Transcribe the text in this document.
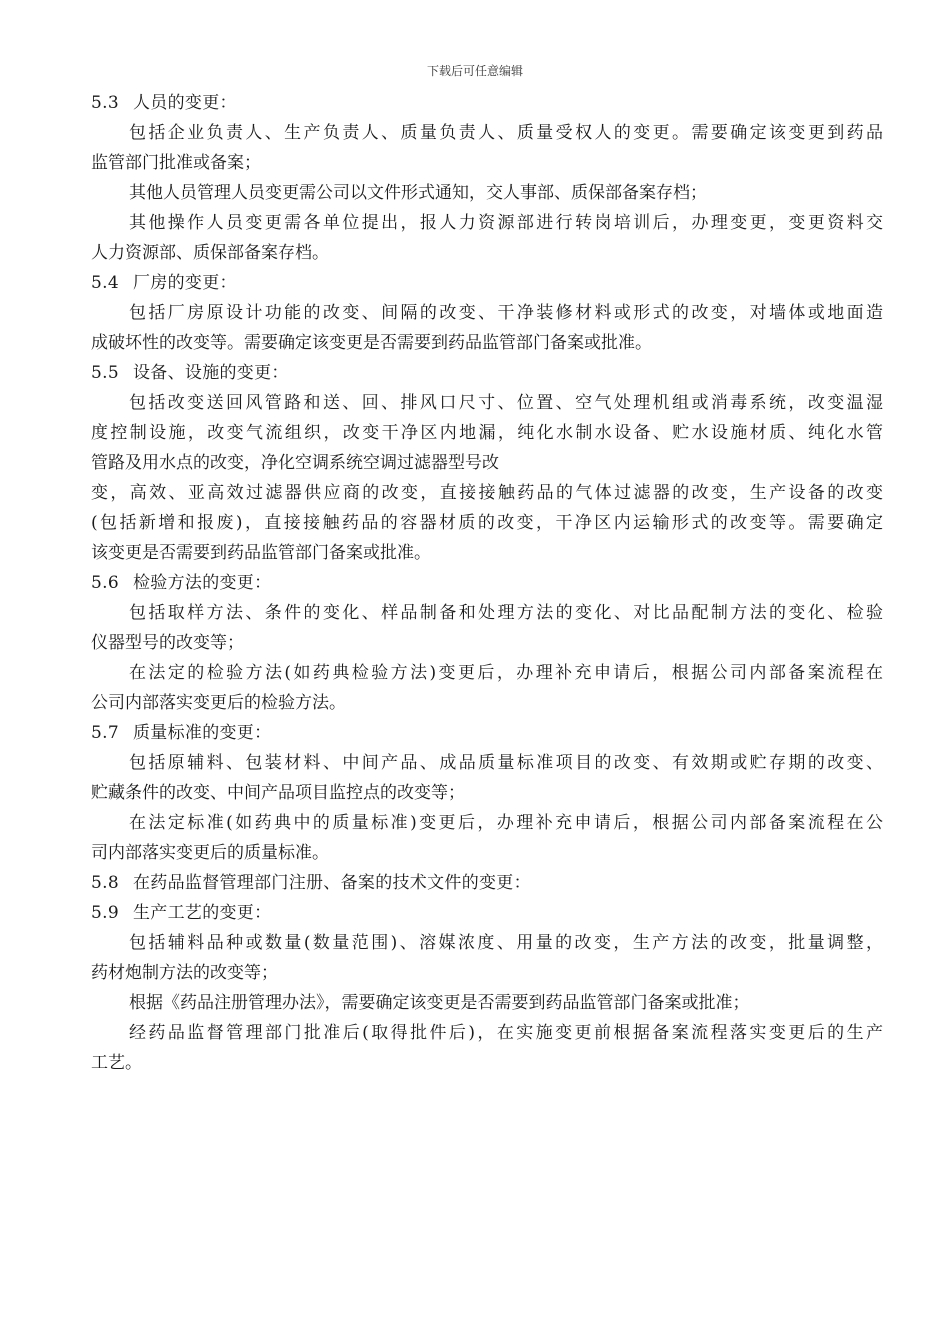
下载后可任意编辑
5.3 人员的变更：
包括企业负责人、生产负责人、质量负责人、质量受权人的变更。需要确定该变更到药品
监管部门批准或备案；
其他人员管理人员变更需公司以文件形式通知，交人事部、质保部备案存档；
其他操作人员变更需各单位提出，报人力资源部进行转岗培训后，办理变更，变更资料交
人力资源部、质保部备案存档。
5.4 厂房的变更：
包括厂房原设计功能的改变、间隔的改变、干净装修材料或形式的改变，对墙体或地面造
成破坏性的改变等。需要确定该变更是否需要到药品监管部门备案或批准。
5.5 设备、设施的变更：
包括改变送回风管路和送、回、排风口尺寸、位置、空气处理机组或消毒系统，改变温湿
度控制设施，改变气流组织，改变干净区内地漏，纯化水制水设备、贮水设施材质、纯化水管
管路及用水点的改变，净化空调系统空调过滤器型号改
变，高效、亚高效过滤器供应商的改变，直接接触药品的气体过滤器的改变，生产设备的改变
(包括新增和报废)，直接接触药品的容器材质的改变，干净区内运输形式的改变等。需要确定
该变更是否需要到药品监管部门备案或批准。
5.6 检验方法的变更：
包括取样方法、条件的变化、样品制备和处理方法的变化、对比品配制方法的变化、检验
仪器型号的改变等；
在法定的检验方法(如药典检验方法)变更后，办理补充申请后，根据公司内部备案流程在
公司内部落实变更后的检验方法。
5.7 质量标准的变更：
包括原辅料、包装材料、中间产品、成品质量标准项目的改变、有效期或贮存期的改变、
贮藏条件的改变、中间产品项目监控点的改变等；
在法定标准(如药典中的质量标准)变更后，办理补充申请后，根据公司内部备案流程在公
司内部落实变更后的质量标准。
5.8 在药品监督管理部门注册、备案的技术文件的变更：
5.9 生产工艺的变更：
包括辅料品种或数量(数量范围)、溶媒浓度、用量的改变，生产方法的改变，批量调整，
药材炮制方法的改变等；
根据《药品注册管理办法》，需要确定该变更是否需要到药品监管部门备案或批准；
经药品监督管理部门批准后(取得批件后)，在实施变更前根据备案流程落实变更后的生产
工艺。
